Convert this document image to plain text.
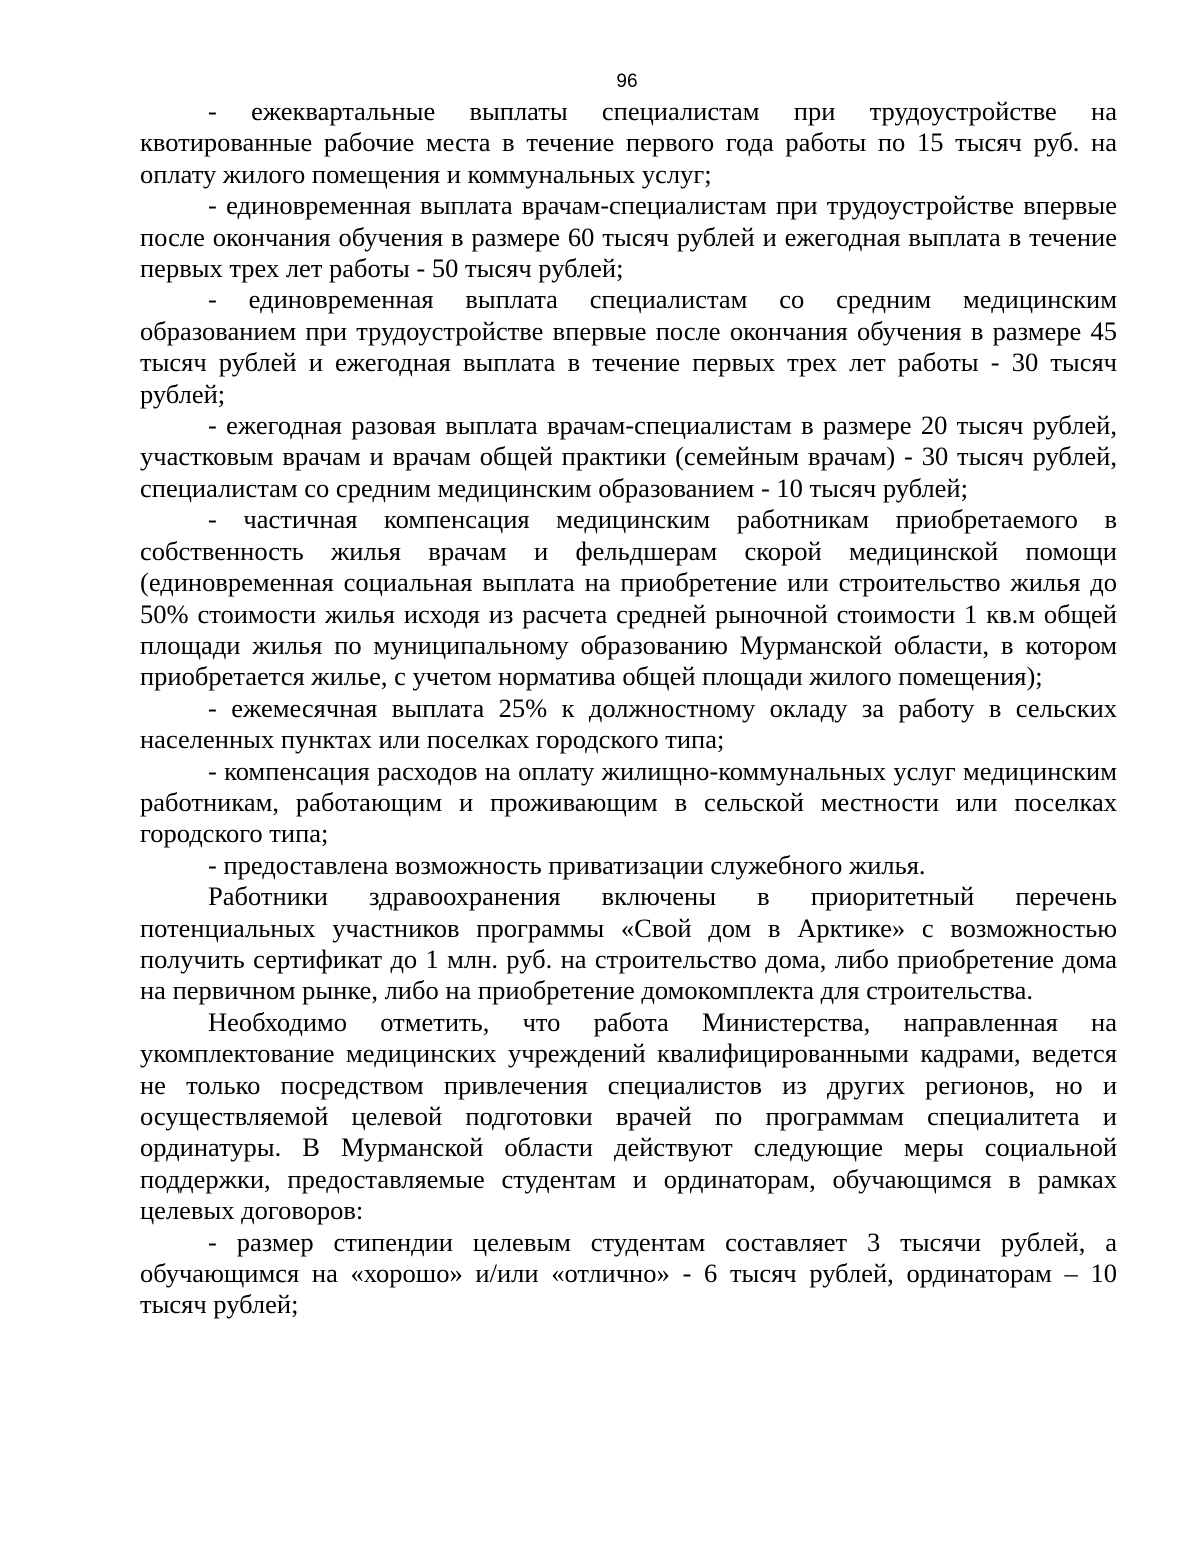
96

- ежеквартальные выплаты специалистам при трудоустройстве на квотированные рабочие места в течение первого года работы по 15 тысяч руб. на оплату жилого помещения и коммунальных услуг;

- единовременная выплата врачам-специалистам при трудоустройстве впервые после окончания обучения в размере 60 тысяч рублей и ежегодная выплата в течение первых трех лет работы - 50 тысяч рублей;

- единовременная выплата специалистам со средним медицинским образованием при трудоустройстве впервые после окончания обучения в размере 45 тысяч рублей и ежегодная выплата в течение первых трех лет работы - 30 тысяч рублей;

- ежегодная разовая выплата врачам-специалистам в размере 20 тысяч рублей, участковым врачам и врачам общей практики (семейным врачам) - 30 тысяч рублей, специалистам со средним медицинским образованием - 10 тысяч рублей;

- частичная компенсация медицинским работникам приобретаемого в собственность жилья врачам и фельдшерам скорой медицинской помощи (единовременная социальная выплата на приобретение или строительство жилья до 50% стоимости жилья исходя из расчета средней рыночной стоимости 1 кв.м общей площади жилья по муниципальному образованию Мурманской области, в котором приобретается жилье, с учетом норматива общей площади жилого помещения);

- ежемесячная выплата 25% к должностному окладу за работу в сельских населенных пунктах или поселках городского типа;

- компенсация расходов на оплату жилищно-коммунальных услуг медицинским работникам, работающим и проживающим в сельской местности или поселках городского типа;

- предоставлена возможность приватизации служебного жилья.

Работники здравоохранения включены в приоритетный перечень потенциальных участников программы «Свой дом в Арктике» с возможностью получить сертификат до 1 млн. руб. на строительство дома, либо приобретение дома на первичном рынке, либо на приобретение домокомплекта для строительства.

Необходимо отметить, что работа Министерства, направленная на укомплектование медицинских учреждений квалифицированными кадрами, ведется не только посредством привлечения специалистов из других регионов, но и осуществляемой целевой подготовки врачей по программам специалитета и ординатуры. В Мурманской области действуют следующие меры социальной поддержки, предоставляемые студентам и ординаторам, обучающимся в рамках целевых договоров:

- размер стипендии целевым студентам составляет 3 тысячи рублей, а обучающимся на «хорошо» и/или «отлично» - 6 тысяч рублей, ординаторам – 10 тысяч рублей;
